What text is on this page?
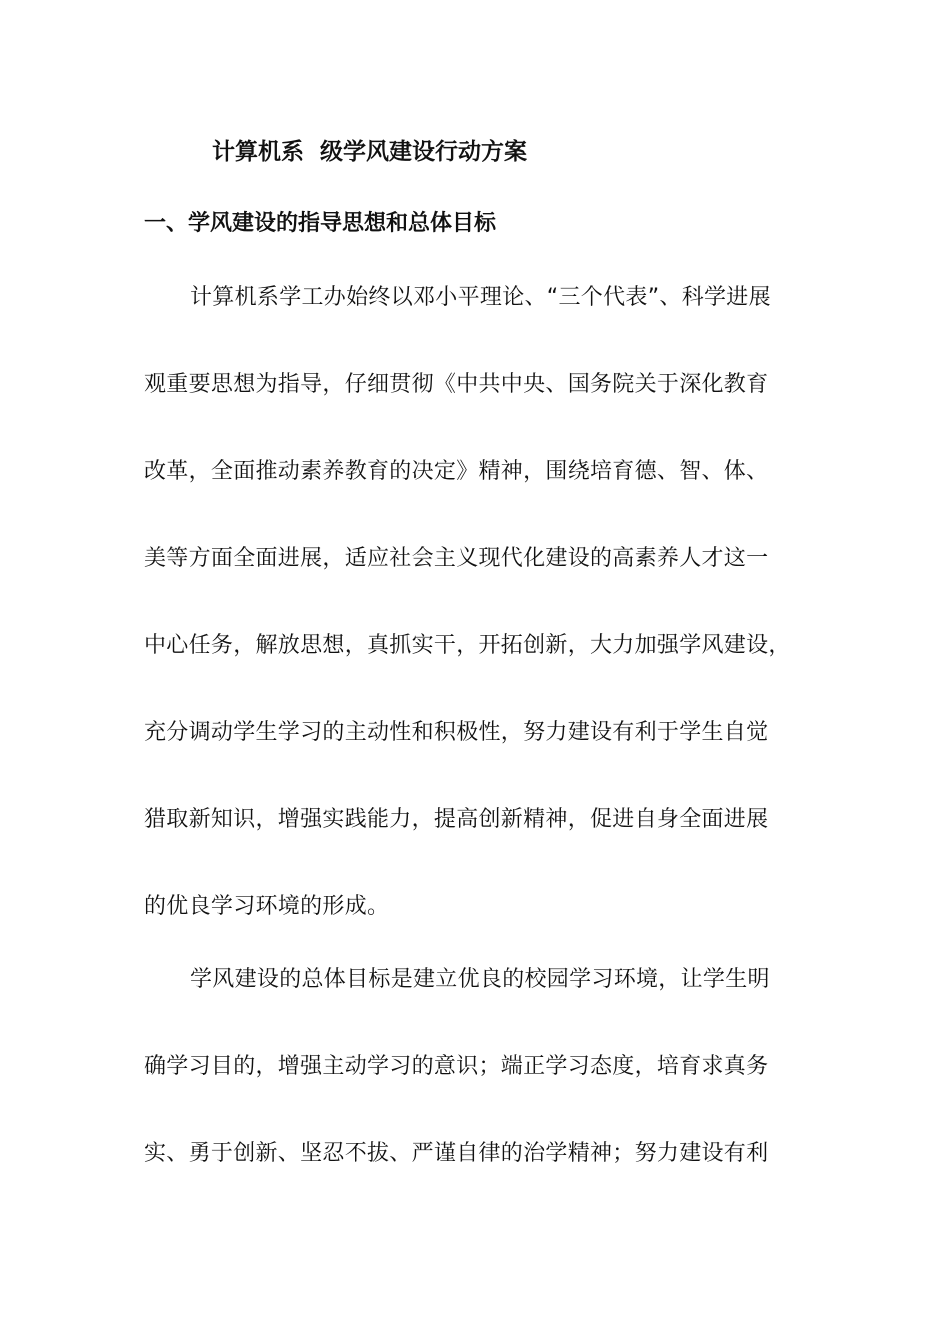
计算机系  级学风建设行动方案
一、学风建设的指导思想和总体目标

计算机系学工办始终以邓小平理论、“三个代表”、科学进展

观重要思想为指导，仔细贯彻《中共中央、国务院关于深化教育

改革，全面推动素养教育的决定》精神，围绕培育德、智、体、

美等方面全面进展，适应社会主义现代化建设的高素养人才这一

中心任务，解放思想，真抓实干，开拓创新，大力加强学风建设，

充分调动学生学习的主动性和积极性，努力建设有利于学生自觉

猎取新知识，增强实践能力，提高创新精神，促进自身全面进展

的优良学习环境的形成。

学风建设的总体目标是建立优良的校园学习环境，让学生明

确学习目的，增强主动学习的意识；端正学习态度，培育求真务

实、勇于创新、坚忍不拔、严谨自律的治学精神；努力建设有利
